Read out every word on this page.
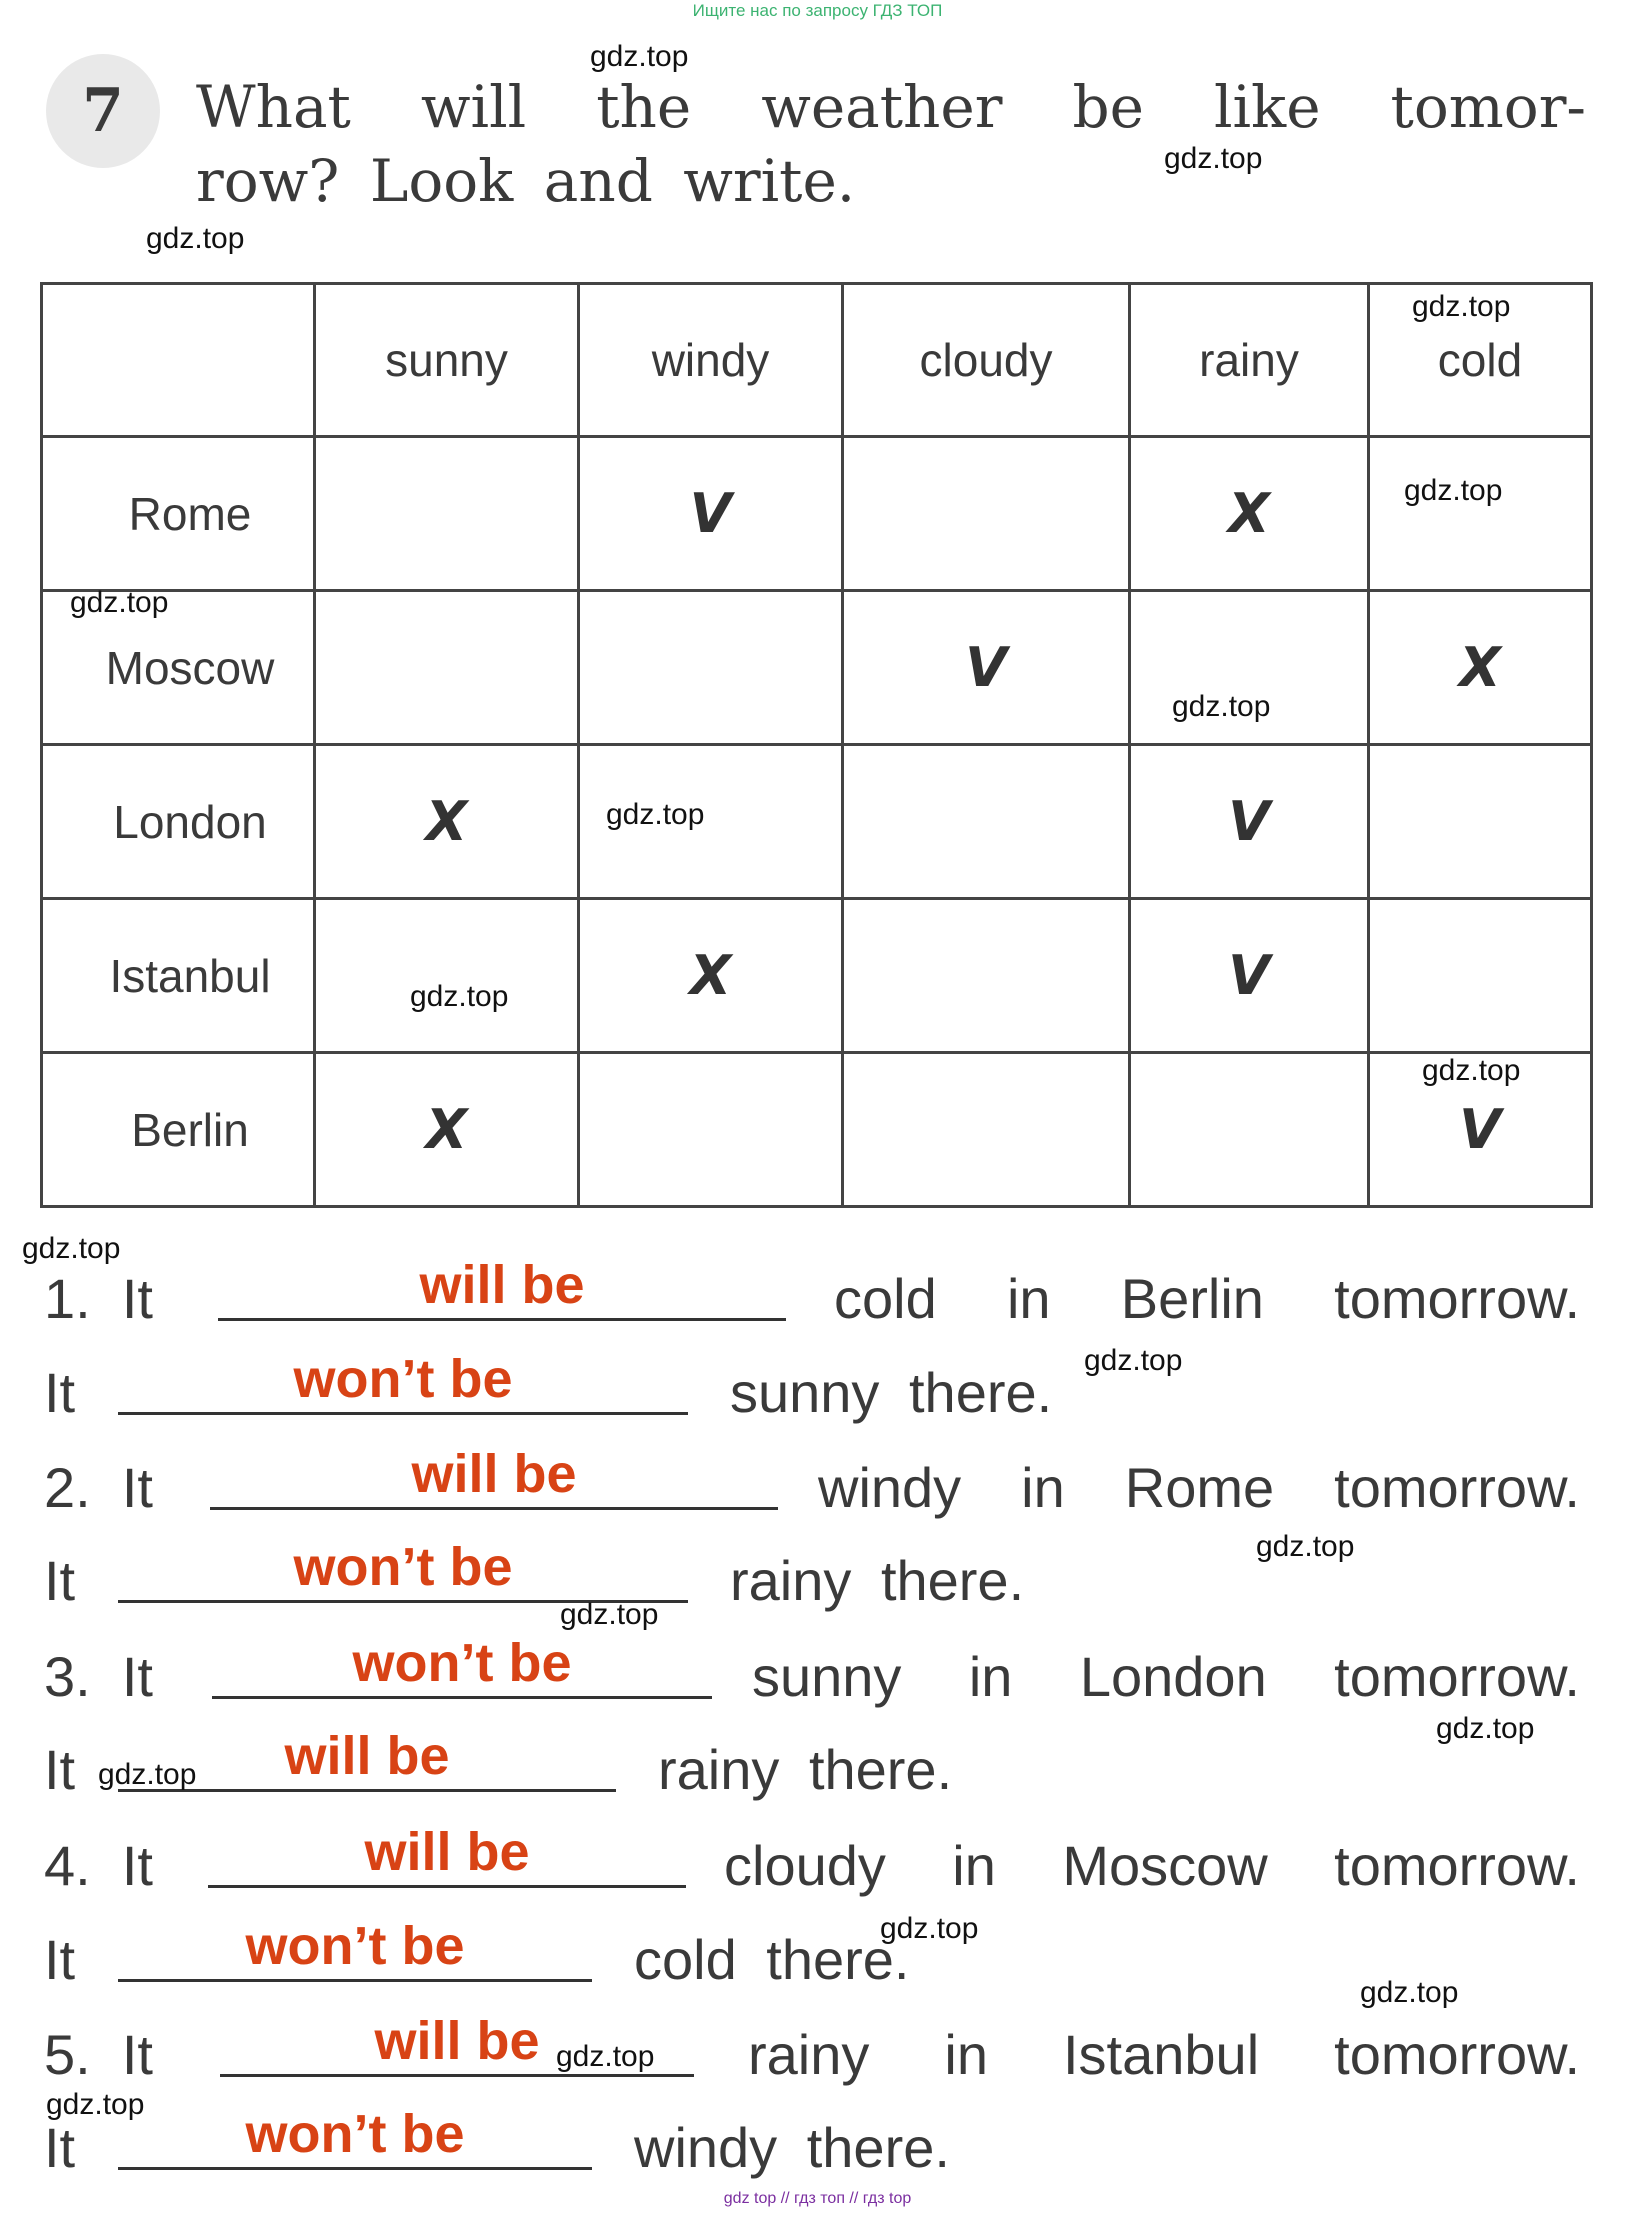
Ищите нас по запросу ГДЗ ТОП
7 What will the weather be like tomor-
row? Look and write.
	sunny	windy	cloudy	rainy	cold
Rome		V		X	
Moscow			V		X
London	X			V	
Istanbul		X		V	
Berlin	X				V
1.  It	will be	cold in Berlin tomorrow.
It	won’t be	sunny there.
2.  It	will be	windy in Rome tomorrow.
It	won’t be	rainy there.
3.  It	won’t be	sunny in London tomorrow.
It	will be	rainy there.
4.  It	will be	cloudy in Moscow tomorrow.
It	won’t be	cold there.
5.  It	will be	rainy in Istanbul tomorrow.
It	won’t be	windy there.
gdz.top
gdz.top
gdz.top
gdz.top
gdz.top
gdz.top
gdz.top
gdz.top
gdz.top
gdz.top
gdz.top
gdz.top
gdz.top
gdz.top
gdz.top
gdz.top
gdz.top
gdz.top
gdz.top
gdz.top
gdz top // гдз топ // гдз top
